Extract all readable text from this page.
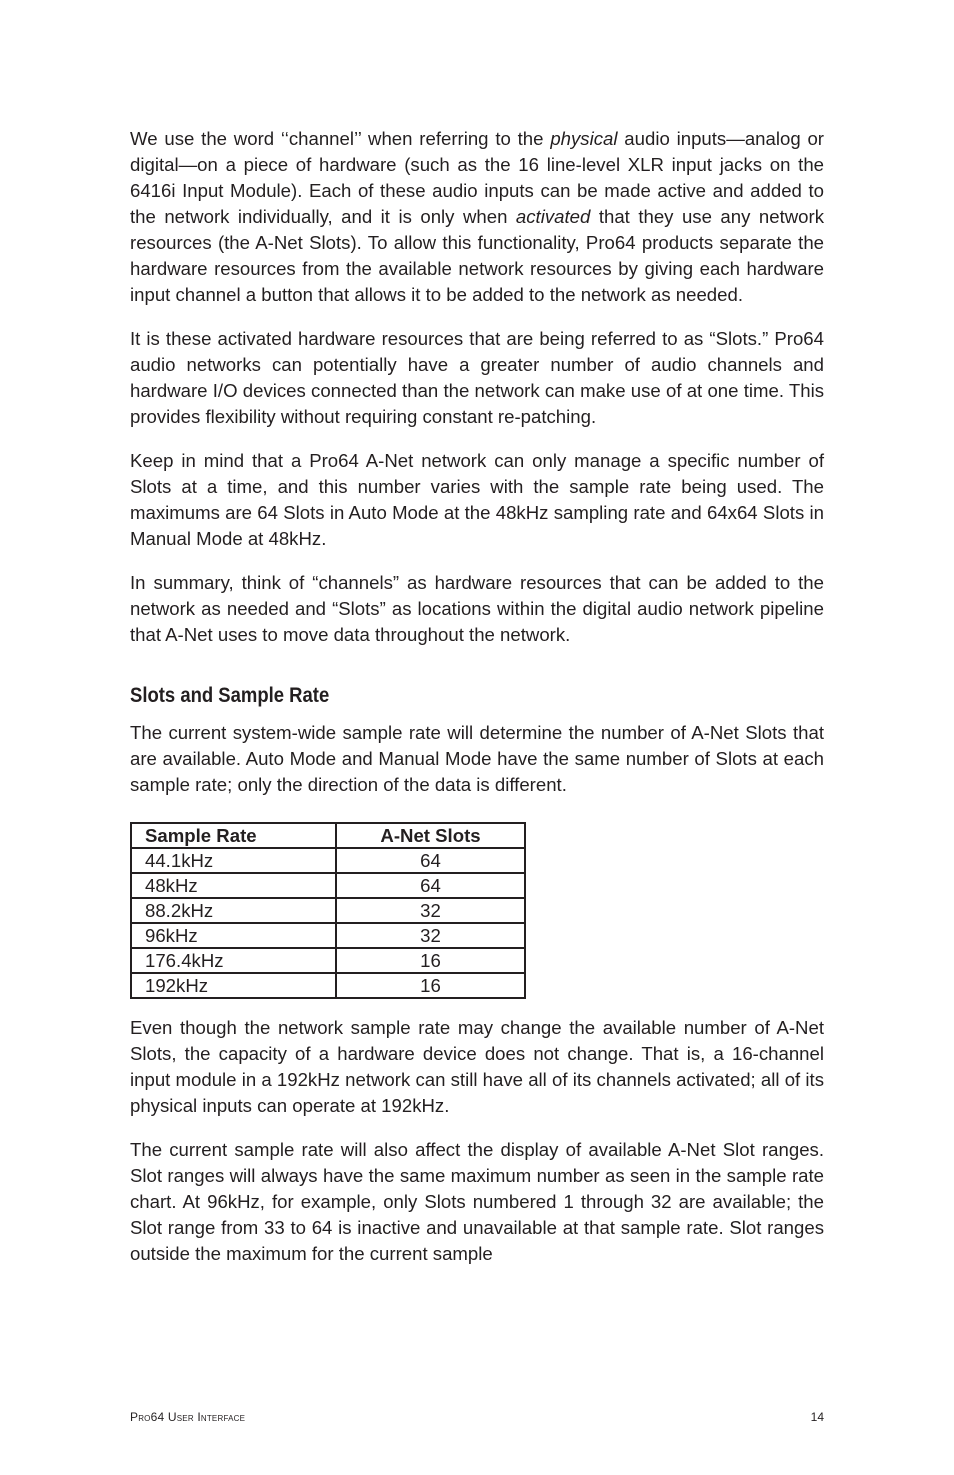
We use the word ‘‘channel’’ when referring to the physical audio inputs—analog or digital—on a piece of hardware (such as the 16 line-level XLR input jacks on the 6416i Input Module). Each of these audio inputs can be made active and added to the network individually, and it is only when activated that they use any network resources (the A-Net Slots). To allow this functionality, Pro64 products separate the hardware resources from the available network resources by giving each hardware input channel a button that allows it to be added to the network as needed.

It is these activated hardware resources that are being referred to as “Slots.” Pro64 audio networks can potentially have a greater number of audio channels and hardware I/O devices connected than the network can make use of at one time. This provides flexibility without requiring constant re-patching.

Keep in mind that a Pro64 A-Net network can only manage a specific number of Slots at a time, and this number varies with the sample rate being used. The maximums are 64 Slots in Auto Mode at the 48kHz sampling rate and 64x64 Slots in Manual Mode at 48kHz.

In summary, think of “channels” as hardware resources that can be added to the network as needed and “Slots” as locations within the digital audio network pipeline that A-Net uses to move data throughout the network.

Slots and Sample Rate

The current system-wide sample rate will determine the number of A-Net Slots that are available. Auto Mode and Manual Mode have the same number of Slots at each sample rate; only the direction of the data is different.

Sample Rate	A-Net Slots
44.1kHz	64
48kHz	64
88.2kHz	32
96kHz	32
176.4kHz	16
192kHz	16

Even though the network sample rate may change the available number of A-Net Slots, the capacity of a hardware device does not change. That is, a 16-channel input module in a 192kHz network can still have all of its channels activated; all of its physical inputs can operate at 192kHz.

The current sample rate will also affect the display of available A-Net Slot ranges. Slot ranges will always have the same maximum number as seen in the sample rate chart. At 96kHz, for example, only Slots numbered 1 through 32 are available; the Slot range from 33 to 64 is inactive and unavailable at that sample rate. Slot ranges outside the maximum for the current sample

Pro64 User Interface	14
